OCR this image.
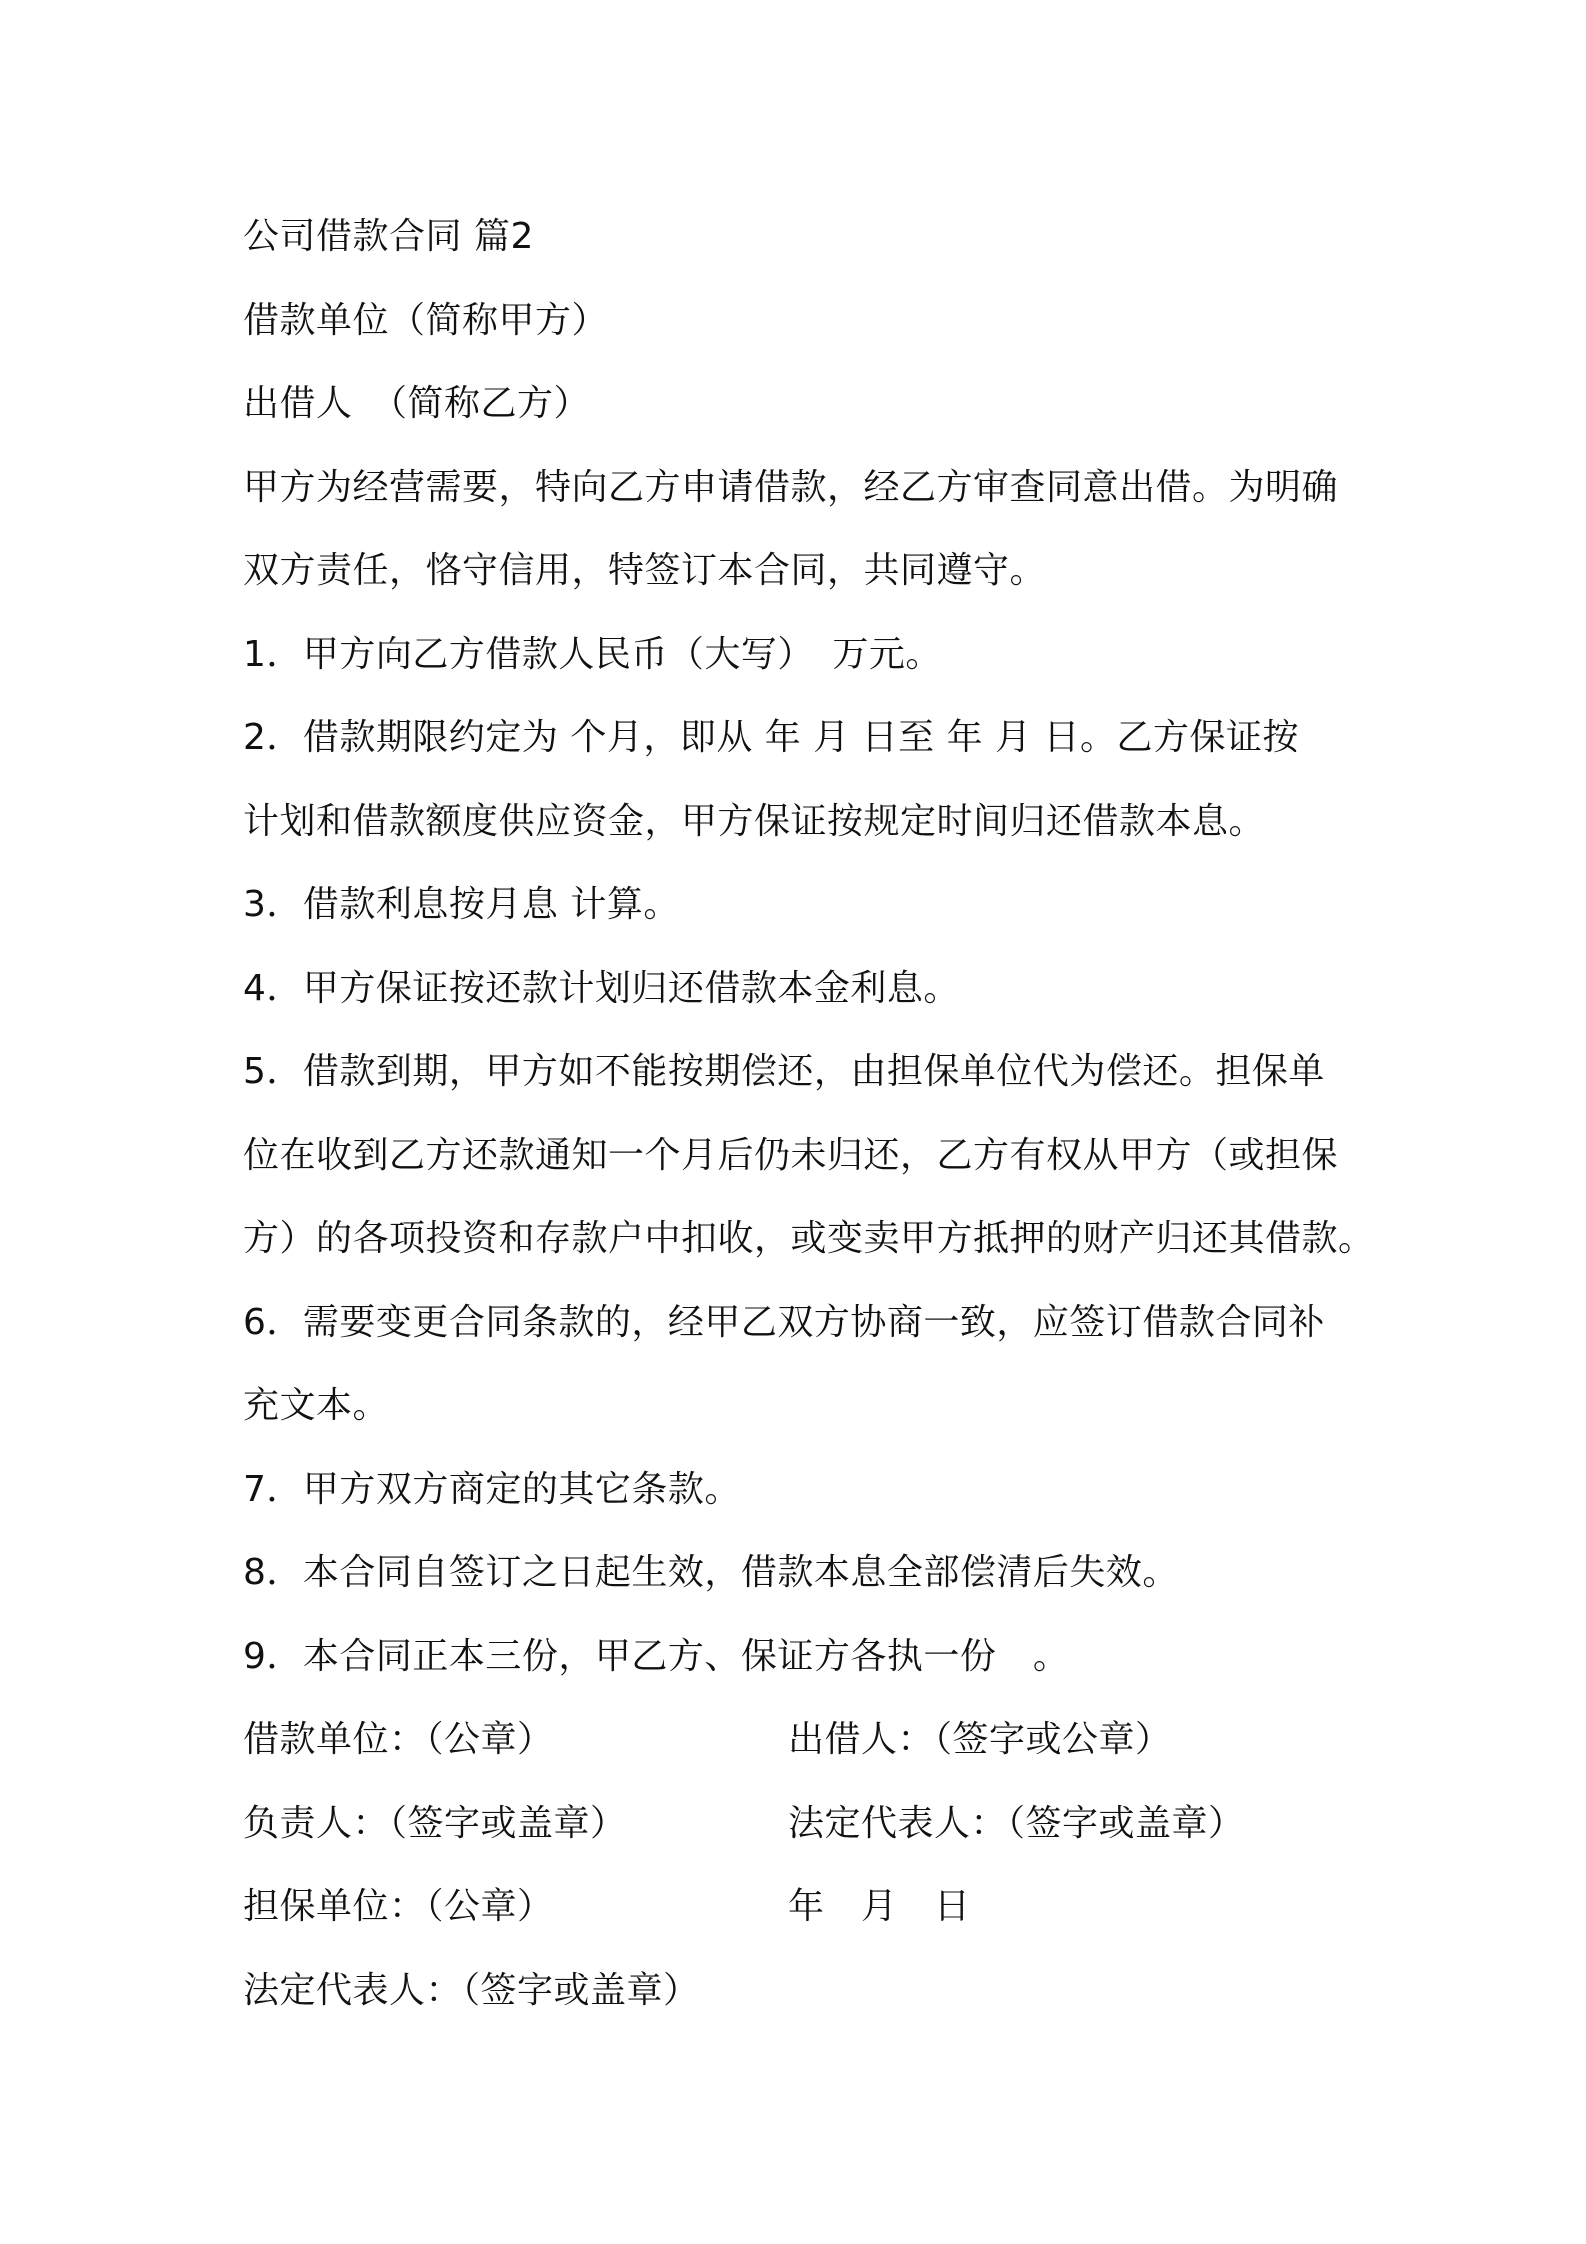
公司借款合同 篇2
借款单位（简称甲方）
出借人　（简称乙方）
甲方为经营需要，特向乙方申请借款，经乙方审查同意出借。为明确
双方责任，恪守信用，特签订本合同，共同遵守。
1．甲方向乙方借款人民币（大写）　万元。
2．借款期限约定为 个月，即从 年 月 日至 年 月 日。乙方保证按
计划和借款额度供应资金，甲方保证按规定时间归还借款本息。
3．借款利息按月息 计算。
4．甲方保证按还款计划归还借款本金利息。
5．借款到期，甲方如不能按期偿还，由担保单位代为偿还。担保单
位在收到乙方还款通知一个月后仍未归还，乙方有权从甲方（或担保
方）的各项投资和存款户中扣收，或变卖甲方抵押的财产归还其借款。
6．需要变更合同条款的，经甲乙双方协商一致，应签订借款合同补
充文本。
7．甲方双方商定的其它条款。
8．本合同自签订之日起生效，借款本息全部偿清后失效。
9．本合同正本三份，甲乙方、保证方各执一份　。
借款单位：（公章）	出借人：（签字或公章）
负责人：（签字或盖章）	法定代表人：（签字或盖章）
担保单位：（公章）	年　月　日
法定代表人：（签字或盖章）
